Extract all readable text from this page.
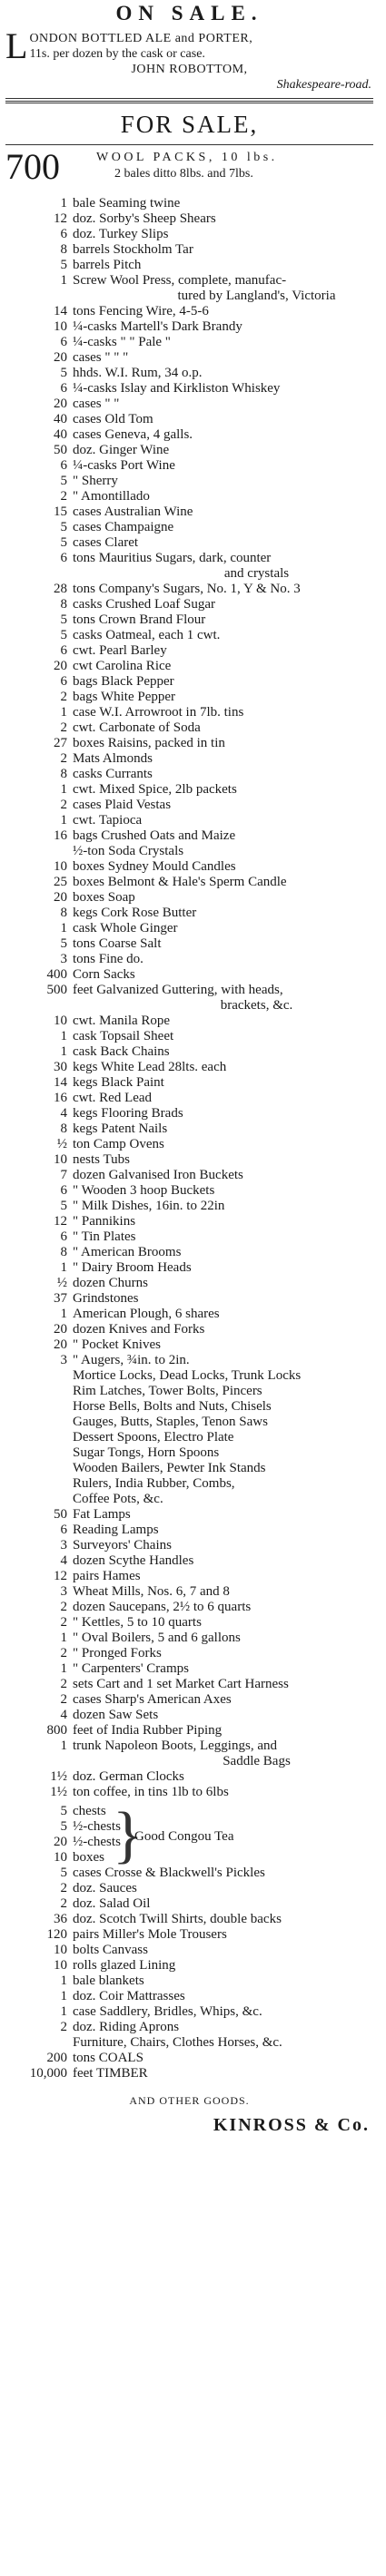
ON SALE.
L ONDON BOTTLED ALE and PORTER,
11s. per dozen by the cask or case.
JOHN ROBOTTOM,
Shakespeare-road.
FOR SALE,
700	WOOL PACKS, 10 lbs.
2 bales ditto 8lbs. and 7lbs.
1 bale Seaming twine
12 doz. Sorby's Sheep Shears
6 doz. Turkey Slips
8 barrels Stockholm Tar
5 barrels Pitch
1 Screw Wool Press, complete, manufac-
tured by Langland's, Victoria
14 tons Fencing Wire, 4-5-6
10 ¼-casks Martell's Dark Brandy
6 ¼-casks " " Pale "
20 cases " " "
5 hhds. W.I. Rum, 34 o.p.
6 ¼-casks Islay and Kirkliston Whiskey
20 cases " "
40 cases Old Tom
40 cases Geneva, 4 galls.
50 doz. Ginger Wine
6 ¼-casks Port Wine
5 " Sherry
2 " Amontillado
15 cases Australian Wine
5 cases Champaigne
5 cases Claret
6 tons Mauritius Sugars, dark, counter
and crystals
28 tons Company's Sugars, No. 1, Y & No. 3
8 casks Crushed Loaf Sugar
5 tons Crown Brand Flour
5 casks Oatmeal, each 1 cwt.
6 cwt. Pearl Barley
20 cwt Carolina Rice
6 bags Black Pepper
2 bags White Pepper
1 case W.I. Arrowroot in 7lb. tins
2 cwt. Carbonate of Soda
27 boxes Raisins, packed in tin
2 Mats Almonds
8 casks Currants
1 cwt. Mixed Spice, 2lb packets
2 cases Plaid Vestas
1 cwt. Tapioca
16 bags Crushed Oats and Maize
½-ton Soda Crystals
10 boxes Sydney Mould Candles
25 boxes Belmont & Hale's Sperm Candle
20 boxes Soap
8 kegs Cork Rose Butter
1 cask Whole Ginger
5 tons Coarse Salt
3 tons Fine do.
400 Corn Sacks
500 feet Galvanized Guttering, with heads,
brackets, &c.
10 cwt. Manila Rope
1 cask Topsail Sheet
1 cask Back Chains
30 kegs White Lead 28lts. each
14 kegs Black Paint
16 cwt. Red Lead
4 kegs Flooring Brads
8 kegs Patent Nails
½ ton Camp Ovens
10 nests Tubs
7 dozen Galvanised Iron Buckets
6 " Wooden 3 hoop Buckets
5 " Milk Dishes, 16in. to 22in
12 " Pannikins
6 " Tin Plates
8 " American Brooms
1 " Dairy Broom Heads
½ dozen Churns
37 Grindstones
1 American Plough, 6 shares
20 dozen Knives and Forks
20 " Pocket Knives
3 " Augers, ¾in. to 2in.
Mortice Locks, Dead Locks, Trunk Locks
Rim Latches, Tower Bolts, Pincers
Horse Bells, Bolts and Nuts, Chisels
Gauges, Butts, Staples, Tenon Saws
Dessert Spoons, Electro Plate
Sugar Tongs, Horn Spoons
Wooden Bailers, Pewter Ink Stands
Rulers, India Rubber, Combs,
Coffee Pots, &c.
50 Fat Lamps
6 Reading Lamps
3 Surveyors' Chains
4 dozen Scythe Handles
12 pairs Hames
3 Wheat Mills, Nos. 6, 7 and 8
2 dozen Saucepans, 2½ to 6 quarts
2 " Kettles, 5 to 10 quarts
1 " Oval Boilers, 5 and 6 gallons
2 " Pronged Forks
1 " Carpenters' Cramps
2 sets Cart and 1 set Market Cart Harness
2 cases Sharp's American Axes
4 dozen Saw Sets
800 feet of India Rubber Piping
1 trunk Napoleon Boots, Leggings, and
Saddle Bags
1½ doz. German Clocks
1½ ton coffee, in tins 1lb to 6lbs
5 chests
5 ½-chests
20 ½-chests
10 boxes }
Good Congou Tea
5 cases Crosse & Blackwell's Pickles
2 doz. Sauces
2 doz. Salad Oil
36 doz. Scotch Twill Shirts, double backs
120 pairs Miller's Mole Trousers
10 bolts Canvass
10 rolls glazed Lining
1 bale blankets
1 doz. Coir Mattrasses
1 case Saddlery, Bridles, Whips, &c.
2 doz. Riding Aprons
Furniture, Chairs, Clothes Horses, &c.
200 tons COALS
10,000 feet TIMBER
AND OTHER GOODS.
KINROSS & Co.
